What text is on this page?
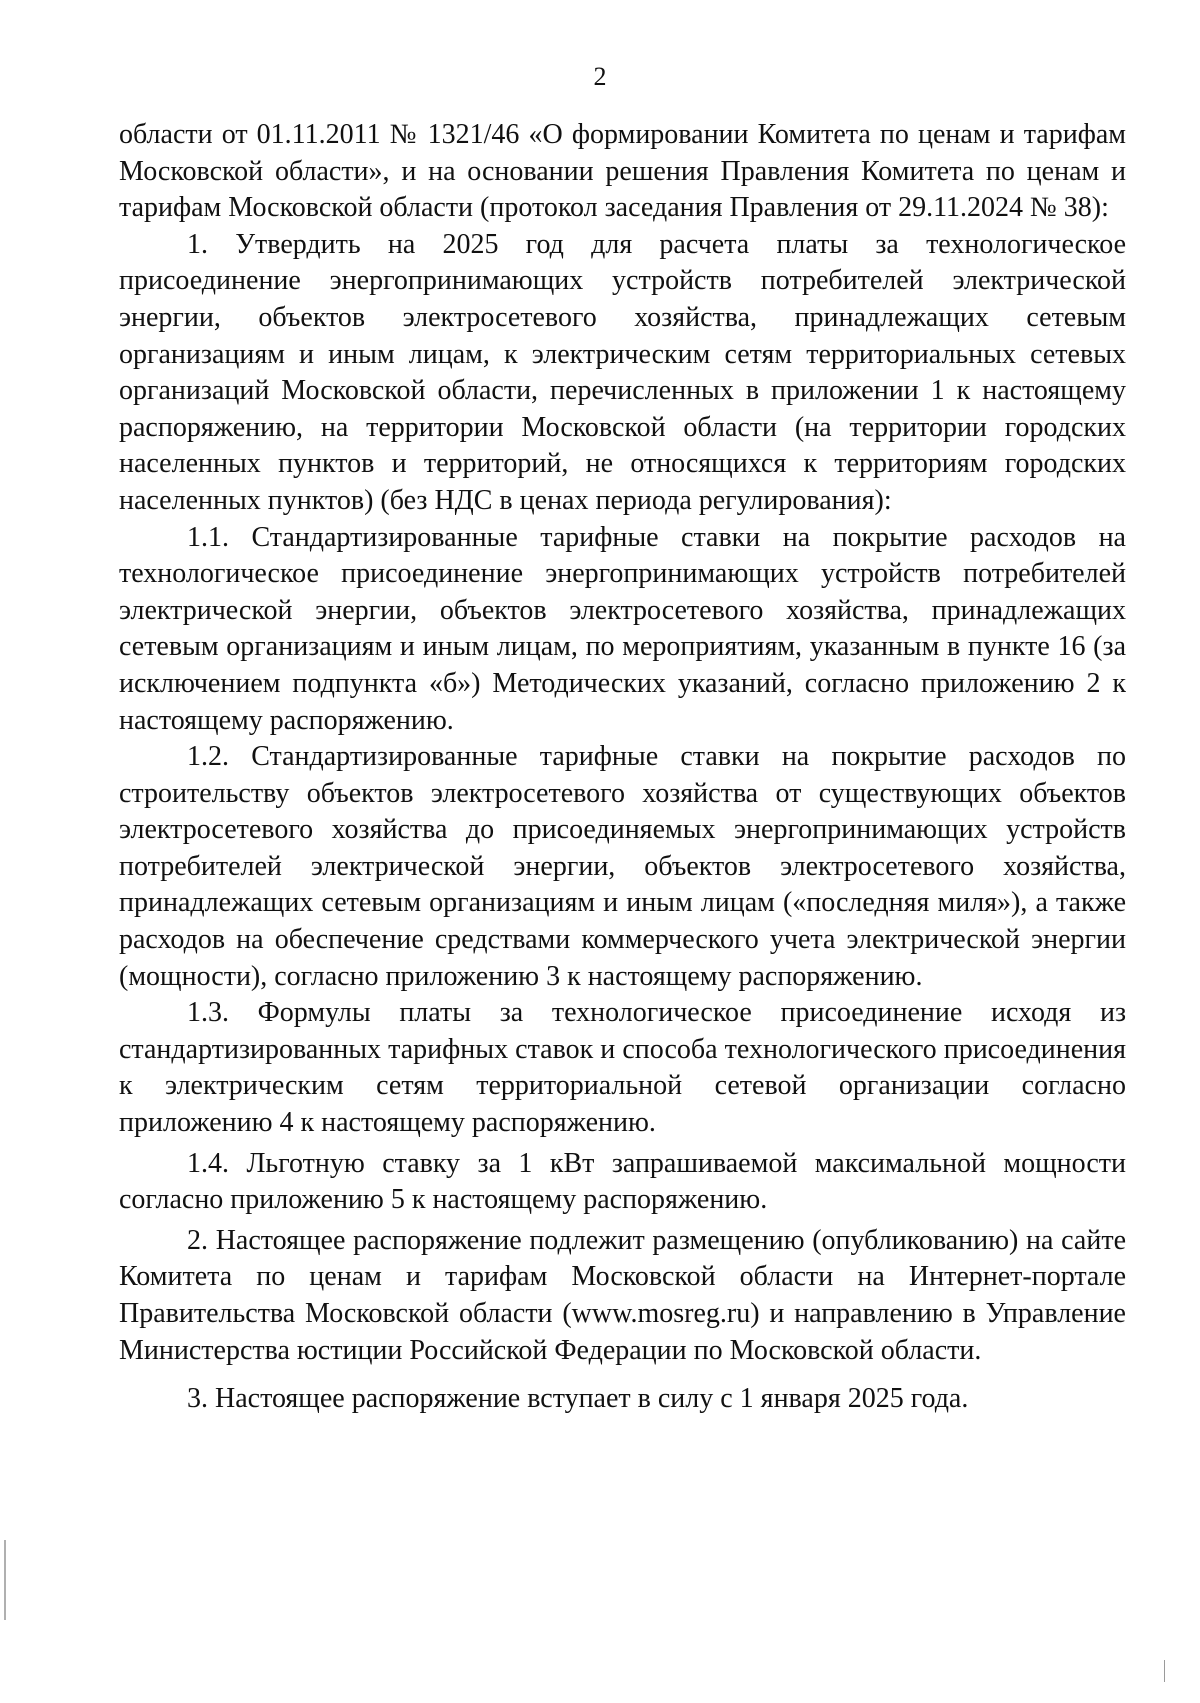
2

области от 01.11.2011 № 1321/46 «О формировании Комитета по ценам и тарифам Московской области», и на основании решения Правления Комитета по ценам и тарифам Московской области (протокол заседания Правления от 29.11.2024 № 38):

1. Утвердить на 2025 год для расчета платы за технологическое присоединение энергопринимающих устройств потребителей электрической энергии, объектов электросетевого хозяйства, принадлежащих сетевым организациям и иным лицам, к электрическим сетям территориальных сетевых организаций Московской области, перечисленных в приложении 1 к настоящему распоряжению, на территории Московской области (на территории городских населенных пунктов и территорий, не относящихся к территориям городских населенных пунктов) (без НДС в ценах периода регулирования):

1.1. Стандартизированные тарифные ставки на покрытие расходов на технологическое присоединение энергопринимающих устройств потребителей электрической энергии, объектов электросетевого хозяйства, принадлежащих сетевым организациям и иным лицам, по мероприятиям, указанным в пункте 16 (за исключением подпункта «б») Методических указаний, согласно приложению 2 к настоящему распоряжению.

1.2. Стандартизированные тарифные ставки на покрытие расходов по строительству объектов электросетевого хозяйства от существующих объектов электросетевого хозяйства до присоединяемых энергопринимающих устройств потребителей электрической энергии, объектов электросетевого хозяйства, принадлежащих сетевым организациям и иным лицам («последняя миля»), а также расходов на обеспечение средствами коммерческого учета электрической энергии (мощности), согласно приложению 3 к настоящему распоряжению.

1.3. Формулы платы за технологическое присоединение исходя из стандартизированных тарифных ставок и способа технологического присоединения к электрическим сетям территориальной сетевой организации согласно приложению 4 к настоящему распоряжению.

1.4. Льготную ставку за 1 кВт запрашиваемой максимальной мощности согласно приложению 5 к настоящему распоряжению.

2. Настоящее распоряжение подлежит размещению (опубликованию) на сайте Комитета по ценам и тарифам Московской области на Интернет-портале Правительства Московской области (www.mosreg.ru) и направлению в Управление Министерства юстиции Российской Федерации по Московской области.

3. Настоящее распоряжение вступает в силу с 1 января 2025 года.
